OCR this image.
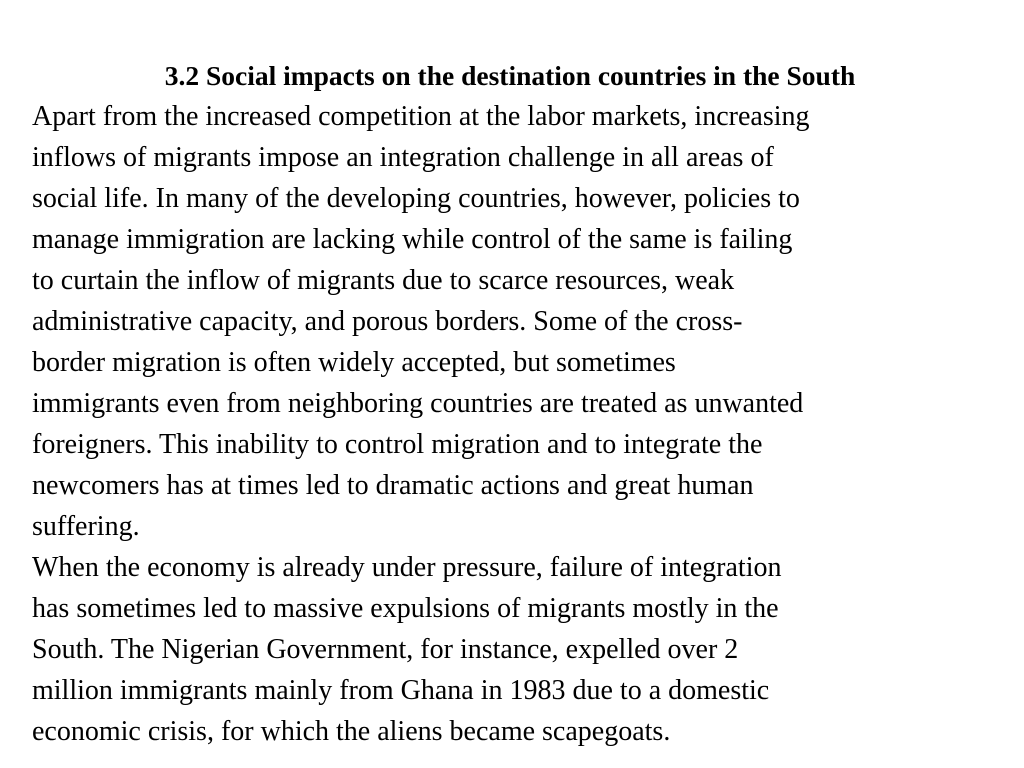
3.2 Social impacts on the destination countries in the South

Apart from the increased competition at the labor markets, increasing
inflows of migrants impose an integration challenge in all areas of
social life. In many of the developing countries, however, policies to
manage immigration are lacking while control of the same is failing
to curtain the inflow of migrants due to scarce resources, weak
administrative capacity, and porous borders. Some of the cross-
border migration is often widely accepted, but sometimes
immigrants even from neighboring countries are treated as unwanted
foreigners. This inability to control migration and to integrate the
newcomers has at times led to dramatic actions and great human
suffering.

When the economy is already under pressure, failure of integration
has sometimes led to massive expulsions of migrants mostly in the
South. The Nigerian Government, for instance, expelled over 2
million immigrants mainly from Ghana in 1983 due to a domestic
economic crisis, for which the aliens became scapegoats.
